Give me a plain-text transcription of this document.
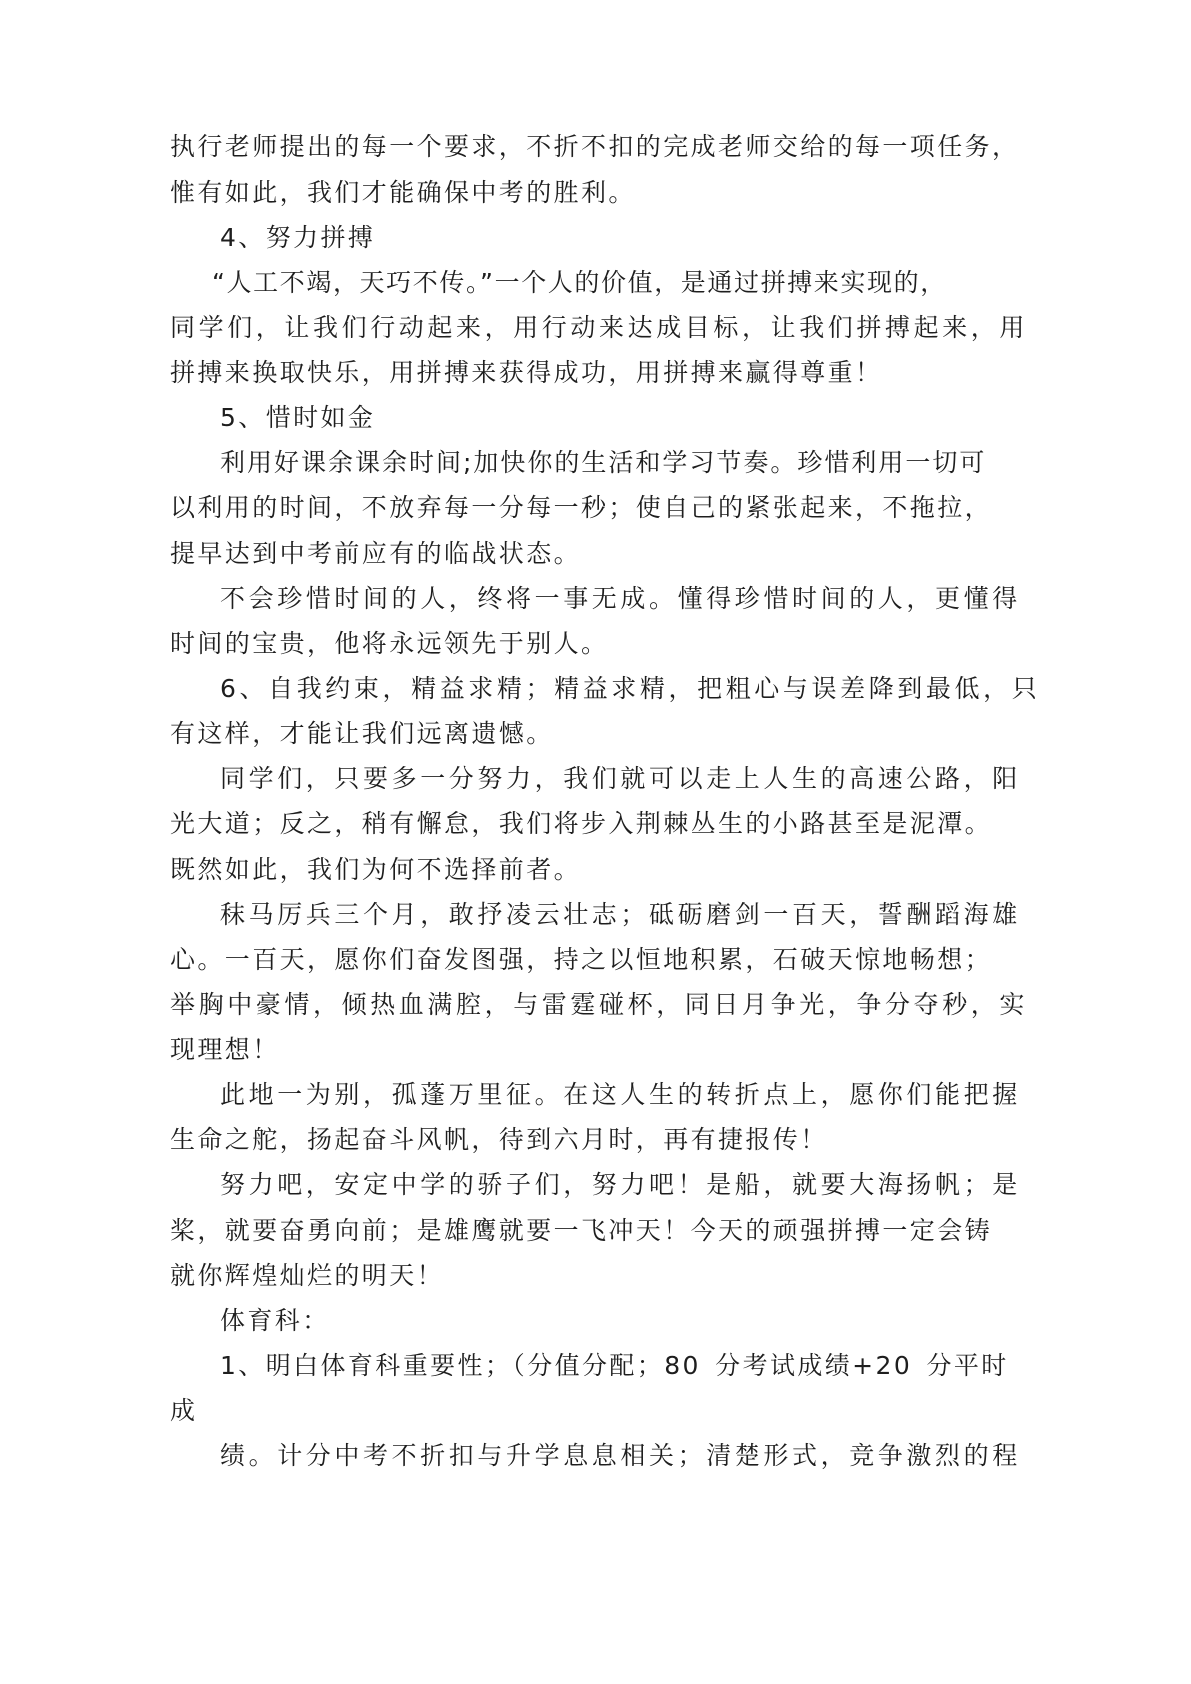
执行老师提出的每一个要求，不折不扣的完成老师交给的每一项任务，
惟有如此，我们才能确保中考的胜利。
4、努力拼搏
“人工不竭，天巧不传。”一个人的价值，是通过拼搏来实现的，
同学们，让我们行动起来，用行动来达成目标，让我们拼搏起来，用
拼搏来换取快乐，用拼搏来获得成功，用拼搏来赢得尊重！
5、惜时如金
利用好课余课余时间;加快你的生活和学习节奏。珍惜利用一切可
以利用的时间，不放弃每一分每一秒；使自己的紧张起来，不拖拉，
提早达到中考前应有的临战状态。
不会珍惜时间的人，终将一事无成。懂得珍惜时间的人，更懂得
时间的宝贵，他将永远领先于别人。
6、自我约束，精益求精；精益求精，把粗心与误差降到最低，只
有这样，才能让我们远离遗憾。
同学们，只要多一分努力，我们就可以走上人生的高速公路，阳
光大道；反之，稍有懈怠，我们将步入荆棘丛生的小路甚至是泥潭。
既然如此，我们为何不选择前者。
秣马厉兵三个月，敢抒凌云壮志；砥砺磨剑一百天，誓酬蹈海雄
心。一百天，愿你们奋发图强，持之以恒地积累，石破天惊地畅想；
举胸中豪情，倾热血满腔，与雷霆碰杯，同日月争光，争分夺秒，实
现理想！
此地一为别，孤蓬万里征。在这人生的转折点上，愿你们能把握
生命之舵，扬起奋斗风帆，待到六月时，再有捷报传！
努力吧，安定中学的骄子们，努力吧！是船，就要大海扬帆；是
桨，就要奋勇向前；是雄鹰就要一飞冲天！今天的顽强拼搏一定会铸
就你辉煌灿烂的明天！
体育科：
1、明白体育科重要性；（分值分配；80 分考试成绩+20 分平时
成
绩。计分中考不折扣与升学息息相关；清楚形式，竞争激烈的程
